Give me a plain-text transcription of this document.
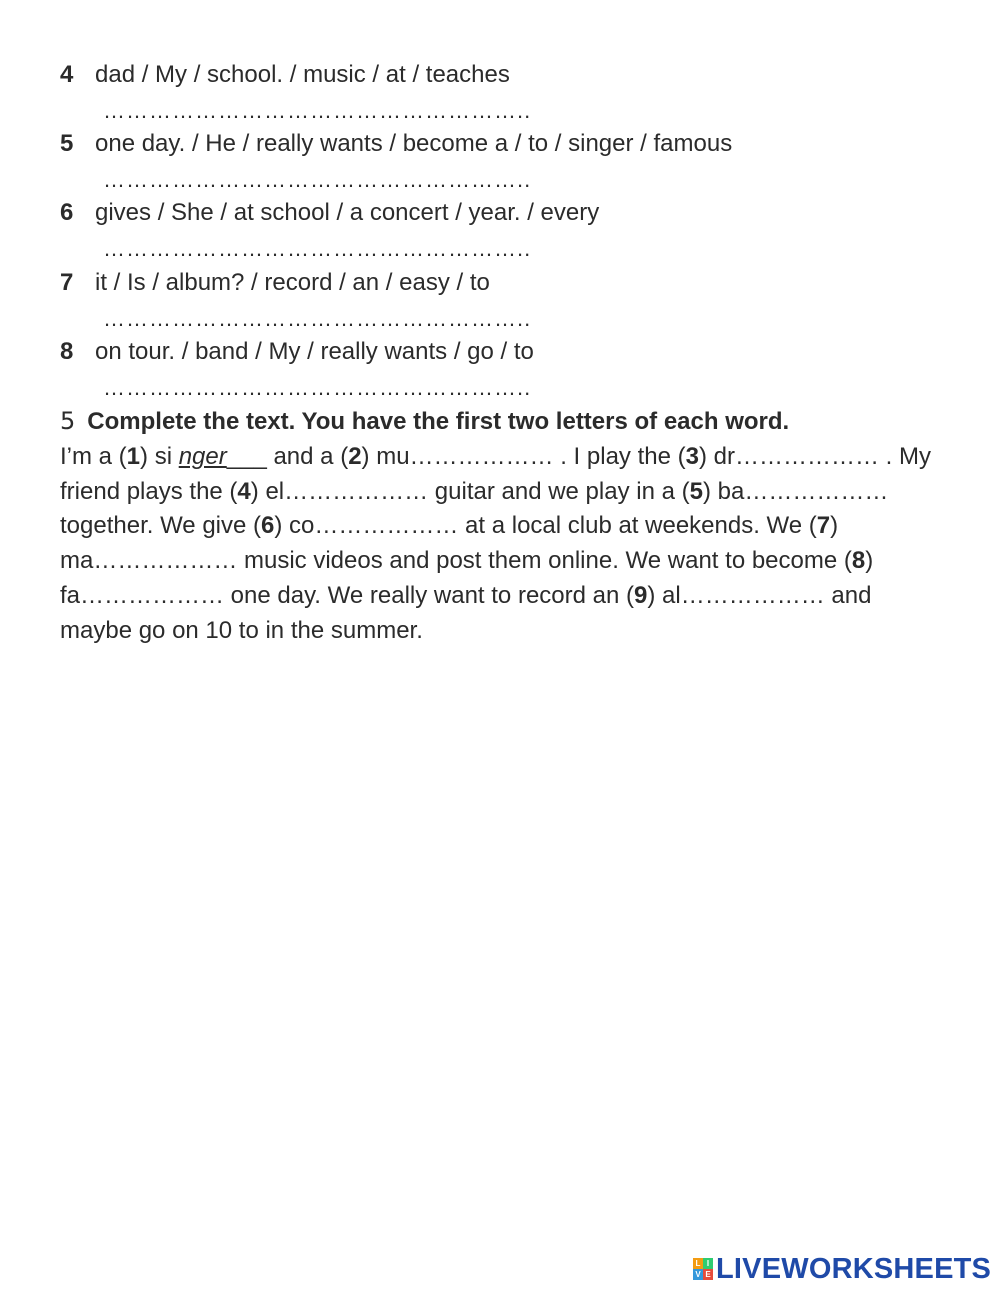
4 dad / My / school. / music / at / teaches
………………………………………………..
5 one day. / He / really wants / become a / to / singer / famous
………………………………………………..
6 gives / She / at school / a concert / year. / every
………………………………………………..
7 it / Is / album? / record / an / easy / to
………………………………………………..
8 on tour. / band / My / really wants / go / to
………………………………………………..
5 Complete the text. You have the first two letters of each word.
I’m a (1) si nger___ and a (2) mu……………… . I play the (3) dr……………… . My friend plays the (4) el……………… guitar and we play in a (5) ba……………… together. We give (6) co……………… at a local club at weekends. We (7) ma……………… music videos and post them online. We want to become (8) fa……………… one day. We really want to record an (9) al……………… and maybe go on 10 to in the summer.
L I
V E LIVEWORKSHEETS
